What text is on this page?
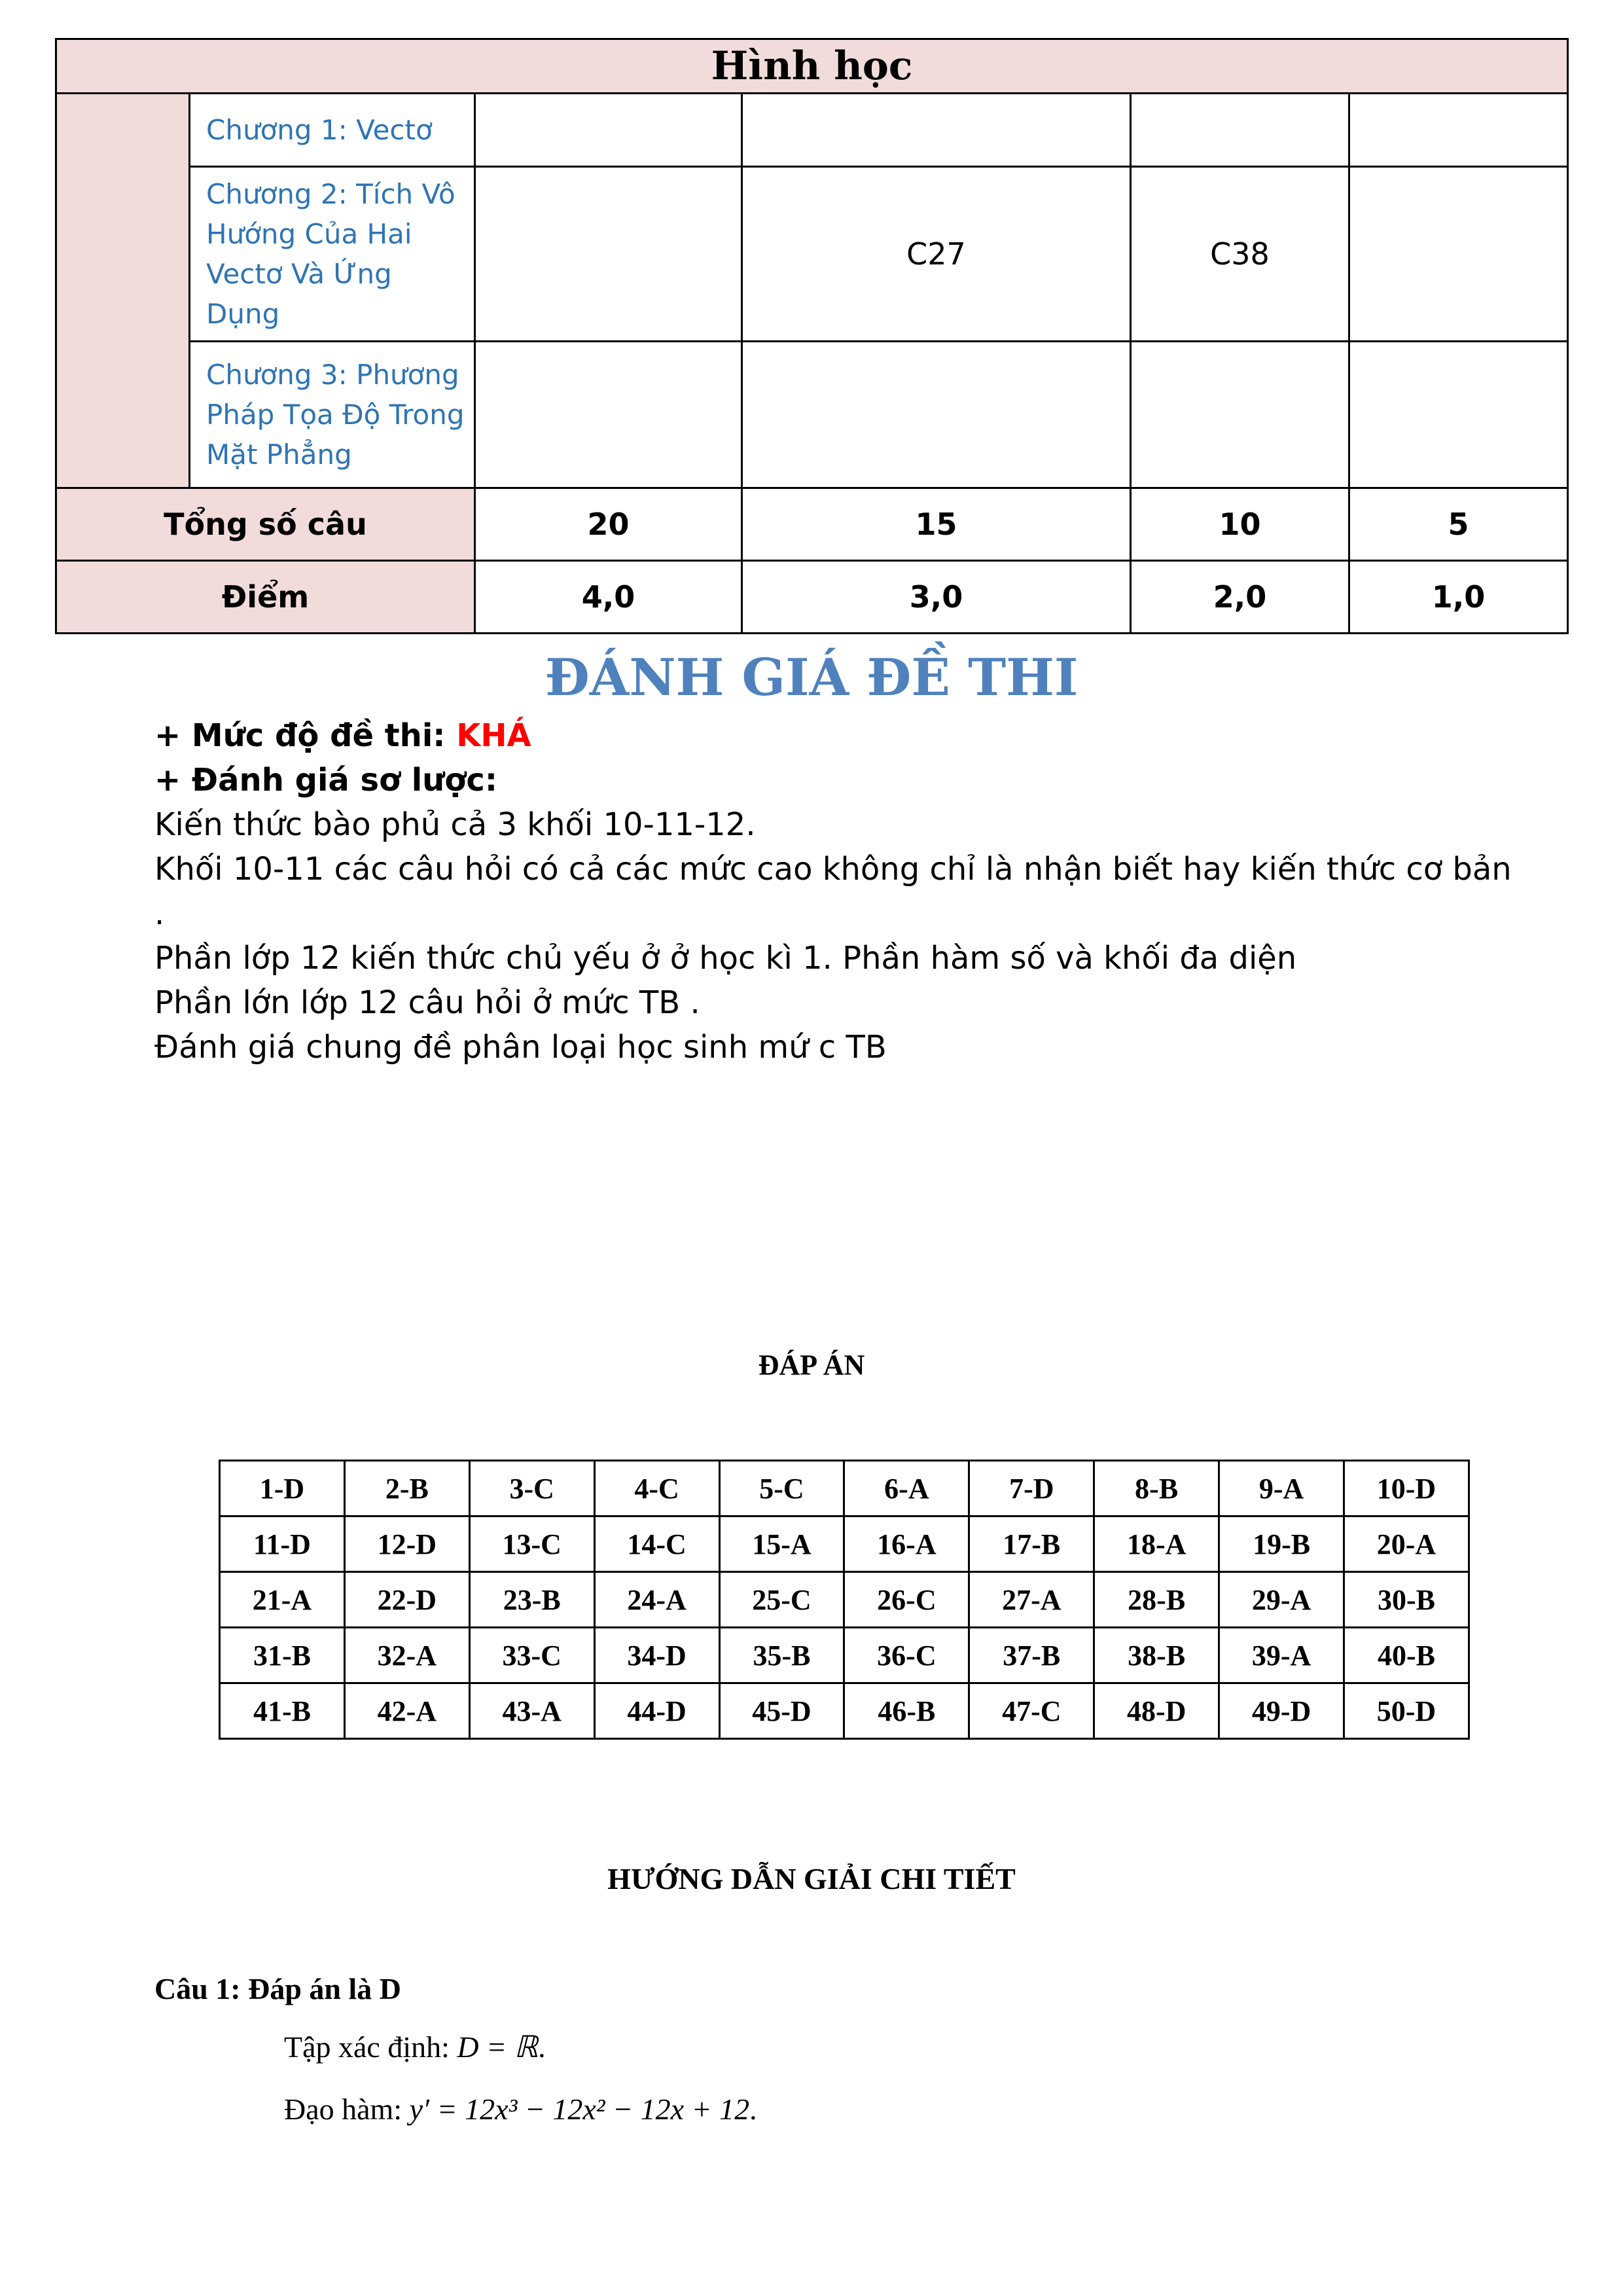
Hình học					
	Chương 1: Vectơ				
	Chương 2: Tích Vô Hướng Của Hai Vectơ Và Ứng Dụng		C27	C38	
	Chương 3: Phương Pháp Tọa Độ Trong Mặt Phẳng				
Tổng số câu		20	15	10	5
Điểm		4,0	3,0	2,0	1,0
ĐÁNH GIÁ ĐỀ THI

+ Mức độ đề thi: KHÁ

+ Đánh giá sơ lược:

Kiến thức bào phủ cả 3 khối 10-11-12.

Khối 10-11 các câu hỏi có cả các mức cao không chỉ là nhận biết hay kiến thức cơ bản

.

Phần lớp 12 kiến thức chủ yếu ở ở học kì 1. Phần hàm số và khối đa diện

Phần lớn lớp 12 câu hỏi ở mức TB .

Đánh giá chung đề phân loại học sinh mứ c TB

ĐÁP ÁN
1-D	2-B	3-C	4-C	5-C	6-A	7-D	8-B	9-A	10-D
11-D	12-D	13-C	14-C	15-A	16-A	17-B	18-A	19-B	20-A
21-A	22-D	23-B	24-A	25-C	26-C	27-A	28-B	29-A	30-B
31-B	32-A	33-C	34-D	35-B	36-C	37-B	38-B	39-A	40-B
41-B	42-A	43-A	44-D	45-D	46-B	47-C	48-D	49-D	50-D
HƯỚNG DẪN GIẢI CHI TIẾT

Câu 1: Đáp án là D

Tập xác định: D = ℝ.

Đạo hàm: y′ = 12x³ − 12x² − 12x + 12.
